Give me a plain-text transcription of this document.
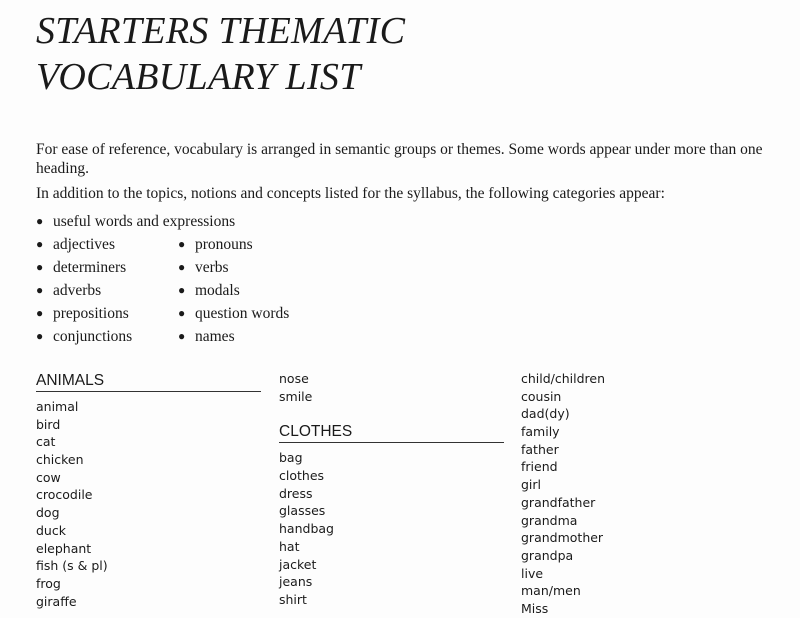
STARTERS THEMATIC
VOCABULARY LIST

For ease of reference, vocabulary is arranged in semantic groups or themes. Some words appear under more than one heading.

In addition to the topics, notions and concepts listed for the syllabus, the following categories appear:

● useful words and expressions
● adjectives	● pronouns
● determiners	● verbs
● adverbs	● modals
● prepositions	● question words
● conjunctions	● names
ANIMALS
animal
bird
cat
chicken
cow
crocodile
dog
duck
elephant
fish (s & pl)
frog
giraffe
nose
smile
CLOTHES
bag
clothes
dress
glasses
handbag
hat
jacket
jeans
shirt
child/children
cousin
dad(dy)
family
father
friend
girl
grandfather
grandma
grandmother
grandpa
live
man/men
Miss
